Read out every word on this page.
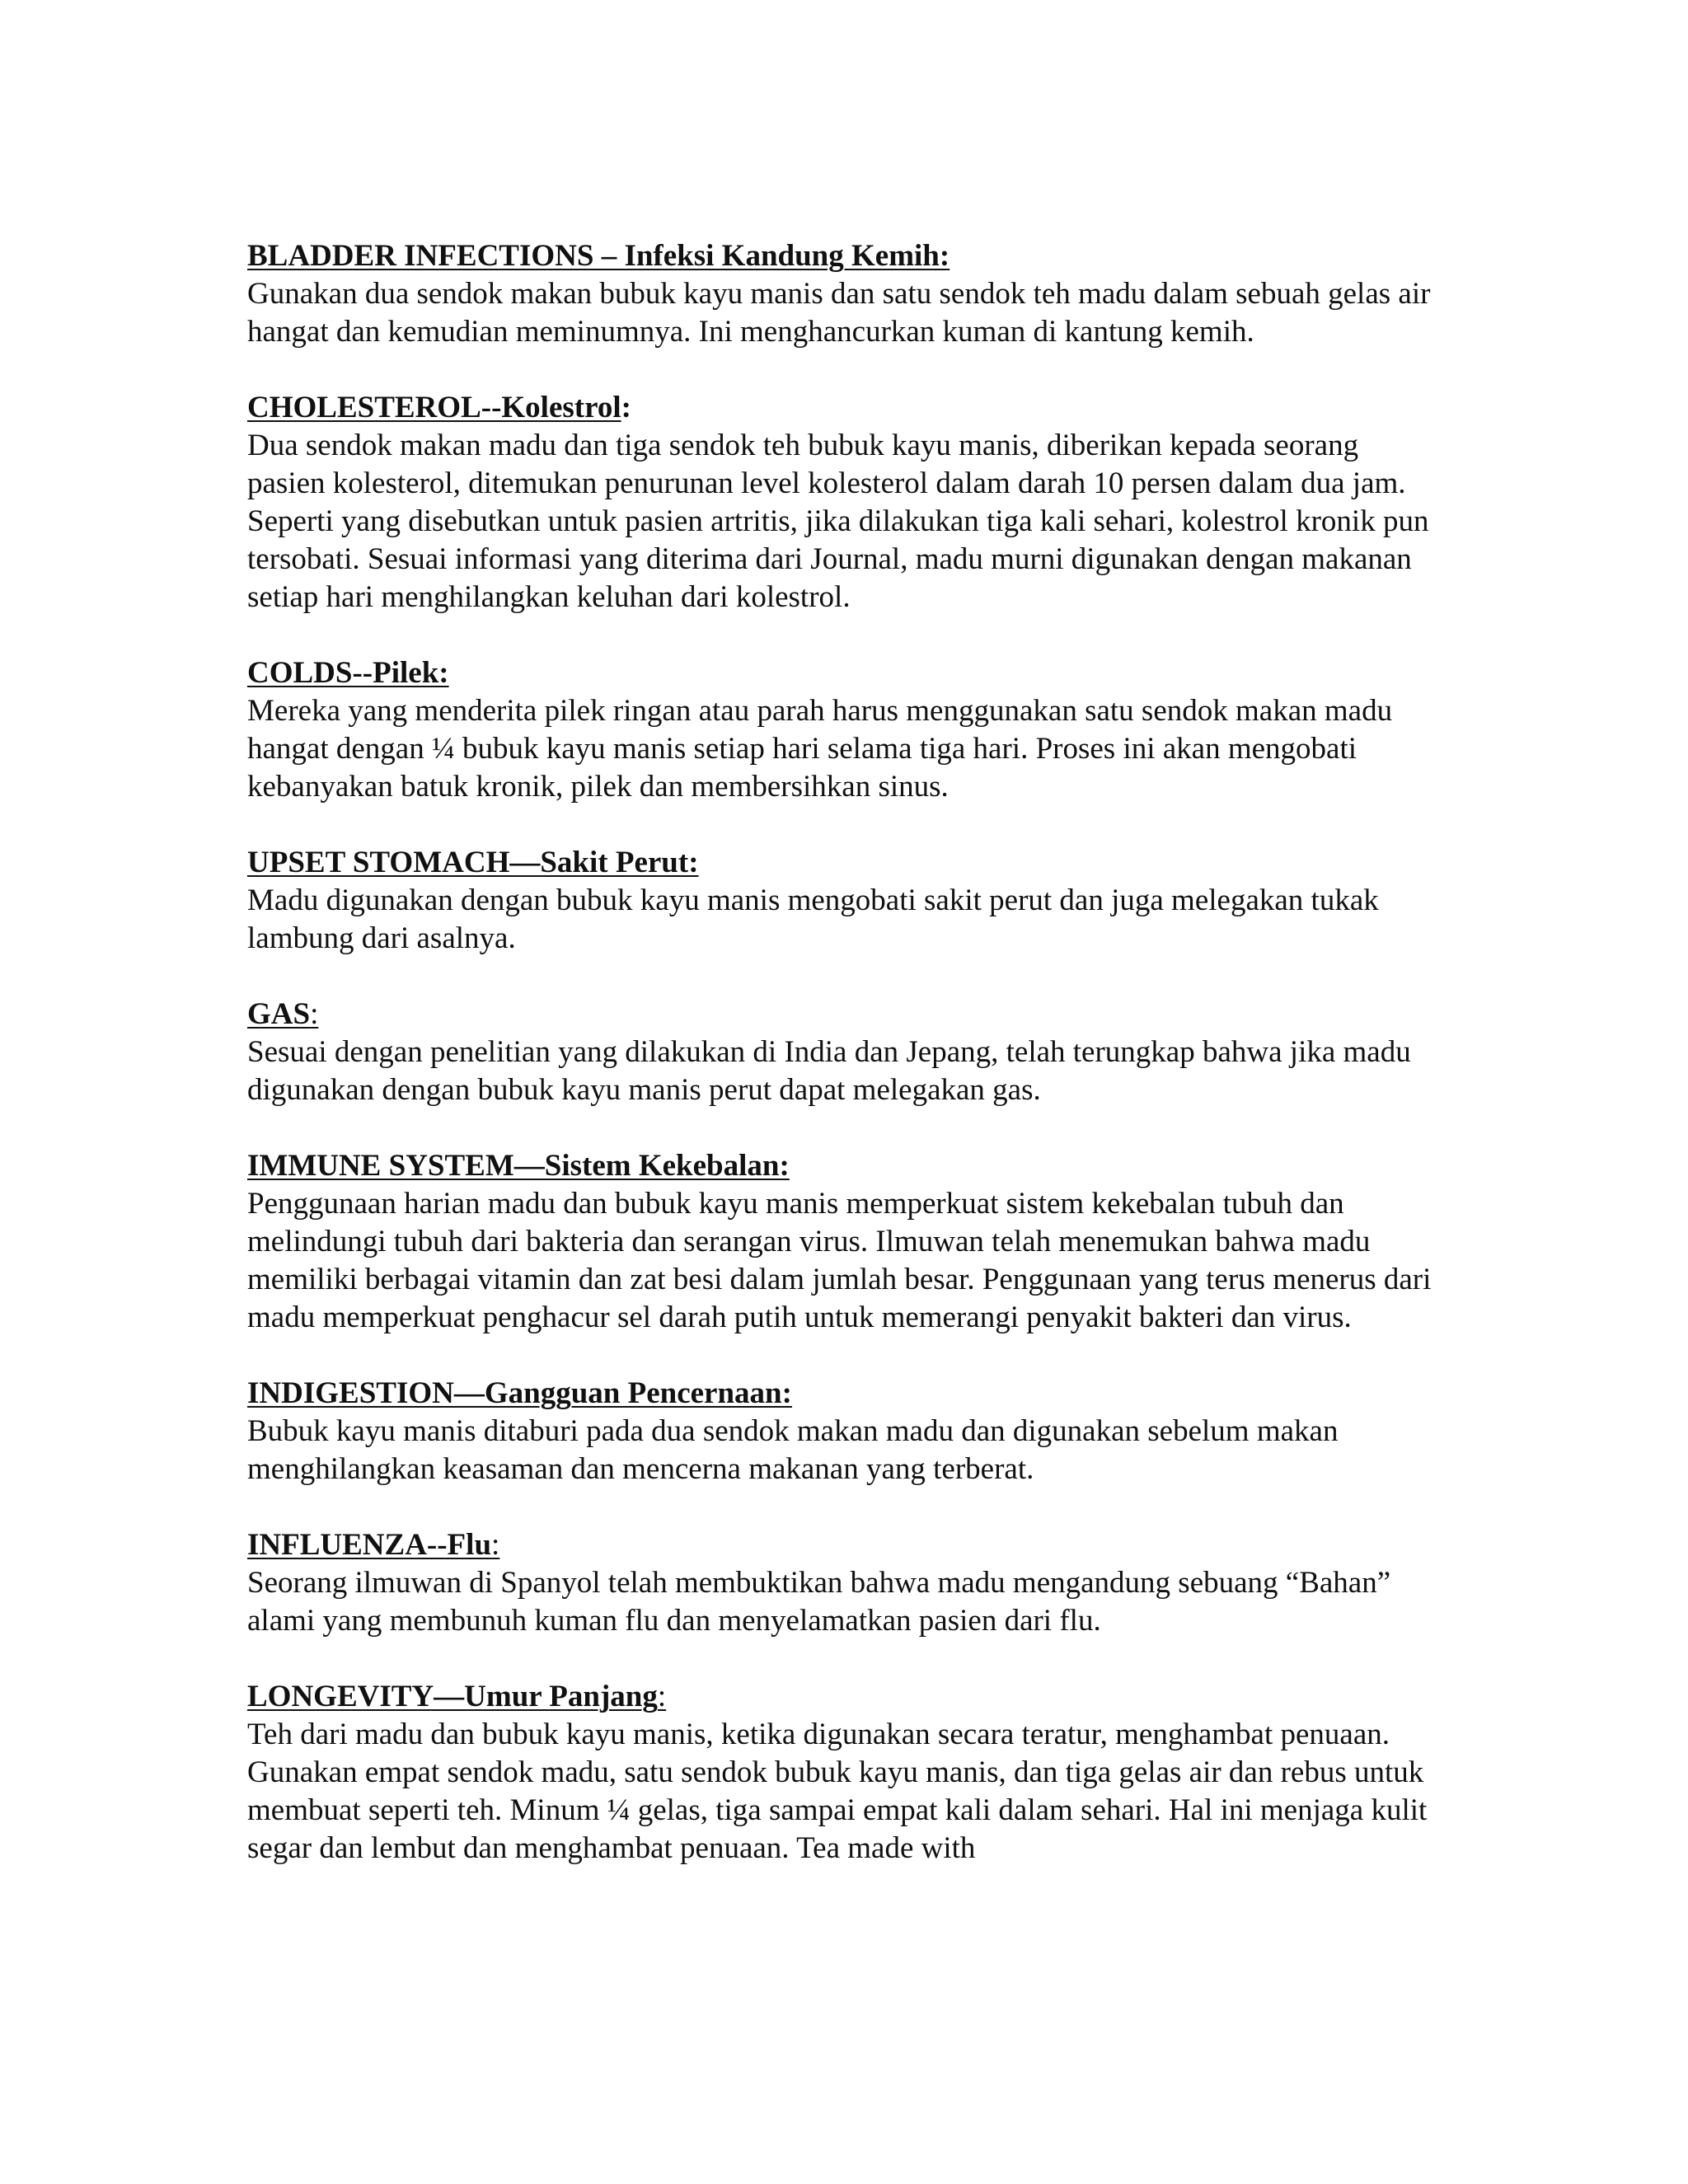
BLADDER INFECTIONS – Infeksi Kandung Kemih:

Gunakan dua sendok makan bubuk kayu manis dan satu sendok teh madu dalam sebuah gelas air hangat dan kemudian meminumnya. Ini menghancurkan kuman di kantung kemih.

CHOLESTEROL--Kolestrol:

Dua sendok makan madu dan tiga sendok teh bubuk kayu manis, diberikan kepada seorang pasien kolesterol, ditemukan penurunan level kolesterol dalam darah 10 persen dalam dua jam. Seperti yang disebutkan untuk pasien artritis, jika dilakukan tiga kali sehari, kolestrol kronik pun tersobati. Sesuai informasi yang diterima dari Journal, madu murni digunakan dengan makanan setiap hari menghilangkan keluhan dari kolestrol.

COLDS--Pilek:

Mereka yang menderita pilek ringan atau parah harus menggunakan satu sendok makan madu hangat dengan ¼ bubuk kayu manis setiap hari selama tiga hari. Proses ini akan mengobati kebanyakan batuk kronik, pilek dan membersihkan sinus.

UPSET STOMACH—Sakit Perut:

Madu digunakan dengan bubuk kayu manis mengobati sakit perut dan juga melegakan tukak lambung dari asalnya.

GAS:

Sesuai dengan penelitian yang dilakukan di India dan Jepang, telah terungkap bahwa jika madu digunakan dengan bubuk kayu manis perut dapat melegakan gas.

IMMUNE SYSTEM—Sistem Kekebalan:

Penggunaan harian madu dan bubuk kayu manis memperkuat sistem kekebalan tubuh dan melindungi tubuh dari bakteria dan serangan virus. Ilmuwan telah menemukan bahwa madu memiliki berbagai vitamin dan zat besi dalam jumlah besar. Penggunaan yang terus menerus dari madu memperkuat penghacur sel darah putih untuk memerangi penyakit bakteri dan virus.

INDIGESTION—Gangguan Pencernaan:

Bubuk kayu manis ditaburi pada dua sendok makan madu dan digunakan sebelum makan menghilangkan keasaman dan mencerna makanan yang terberat.

INFLUENZA--Flu:

Seorang ilmuwan di Spanyol telah membuktikan bahwa madu mengandung sebuang “Bahan” alami yang membunuh kuman flu dan menyelamatkan pasien dari flu.

LONGEVITY—Umur Panjang:

Teh dari madu dan bubuk kayu manis, ketika digunakan secara teratur, menghambat penuaan. Gunakan empat sendok madu, satu sendok bubuk kayu manis, dan tiga gelas air dan rebus untuk membuat seperti teh. Minum ¼ gelas, tiga sampai empat kali dalam sehari. Hal ini menjaga kulit segar dan lembut dan menghambat penuaan. Tea made with
